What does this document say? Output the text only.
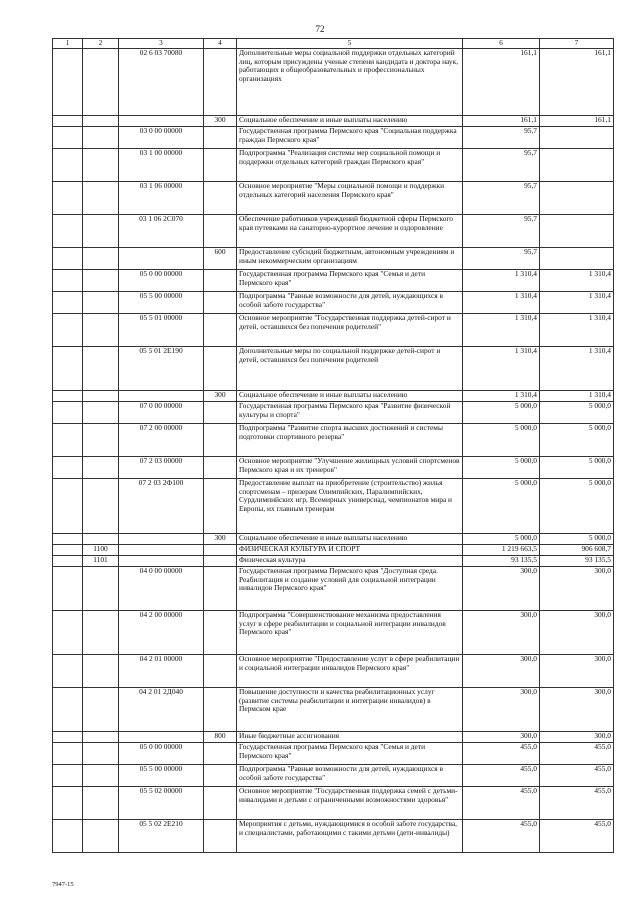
72
1	2	3	4	5	6	7
		02 6 03 70080		Дополнительные меры социальной поддержки отдельных категорий лиц, которым присуждены ученые степени кандидата и доктора наук, работающих в общеобразовательных и профессиональных организациях	161,1	161,1
			300	Социальное обеспечение и иные выплаты населению	161,1	161,1
		03 0 00 00000		Государственная программа Пермского края "Социальная поддержка граждан Пермского края"	95,7	
		03 1 00 00000		Подпрограмма "Реализация системы мер социальной помощи и поддержки отдельных категорий граждан Пермского края"	95,7	
		03 1 06 00000		Основное мероприятие "Меры социальной помощи и поддержки отдельных категорий населения Пермского края"	95,7	
		03 1 06 2С070		Обеспечение работников учреждений бюджетной сферы Пермского края путевками на санаторно-курортное лечение и оздоровление	95,7	
			600	Предоставление субсидий бюджетным, автономным учреждениям и иным некоммерческим организациям	95,7	
		05 0 00 00000		Государственная программа Пермского края "Семья и дети Пермского края"	1 310,4	1 310,4
		05 5 00 00000		Подпрограмма "Равные возможности для детей, нуждающихся в особой заботе государства"	1 310,4	1 310,4
		05 5 01 00000		Основное мероприятие "Государственная поддержка детей-сирот и детей, оставшихся без попечения родителей"	1 310,4	1 310,4
		05 5 01 2Е190		Дополнительные меры по социальной поддержке детей-сирот и детей, оставшихся без попечения родителей	1 310,4	1 310,4
			300	Социальное обеспечение и иные выплаты населению	1 310,4	1 310,4
		07 0 00 00000		Государственная программа Пермского края "Развитие физической культуры и спорта"	5 000,0	5 000,0
		07 2 00 00000		Подпрограмма "Развитие спорта высших достижений и системы подготовки спортивного резерва"	5 000,0	5 000,0
		07 2 03 00000		Основное мероприятие "Улучшение жилищных условий спортсменов Пермского края и их тренеров"	5 000,0	5 000,0
		07 2 03 2Ф100		Предоставление выплат на приобретение (строительство) жилья спортсменам – призерам Олимпийских, Паралимпийских, Сурдлимпийских игр, Всемирных универсиад, чемпионатов мира и Европы, их главным тренерам	5 000,0	5 000,0
			300	Социальное обеспечение и иные выплаты населению	5 000,0	5 000,0
	1100			ФИЗИЧЕСКАЯ КУЛЬТУРА И СПОРТ	1 219 663,5	906 608,7
	1101			Физическая культура	93 135,5	93 135,5
		04 0 00 00000		Государственная программа Пермского края "Доступная среда. Реабилитация и создание условий для социальной интеграции инвалидов Пермского края"	300,0	300,0
		04 2 00 00000		Подпрограмма "Совершенствование механизма предоставления услуг в сфере реабилитации и социальной интеграции инвалидов Пермского края"	300,0	300,0
		04 2 01 00000		Основное мероприятие "Предоставление услуг в сфере реабилитации и социальной интеграции инвалидов Пермского края"	300,0	300,0
		04 2 01 2Д040		Повышение доступности и качества реабилитационных услуг (развитие системы реабилитации и интеграции инвалидов) в Пермском крае	300,0	300,0
			800	Иные бюджетные ассигнования	300,0	300,0
		05 0 00 00000		Государственная программа Пермского края "Семья и дети Пермского края"	455,0	455,0
		05 5 00 00000		Подпрограмма "Равные возможности для детей, нуждающихся в особой заботе государства"	455,0	455,0
		05 5 02 00000		Основное мероприятие "Государственная поддержка семей с детьми-инвалидами и детьми с ограниченными возможностями здоровья"	455,0	455,0
		05 5 02 2Е210		Мероприятия с детьми, нуждающимися в особой заботе государства, и специалистами, работающими с такими детьми (дети-инвалиды)	455,0	455,0
7947-15
